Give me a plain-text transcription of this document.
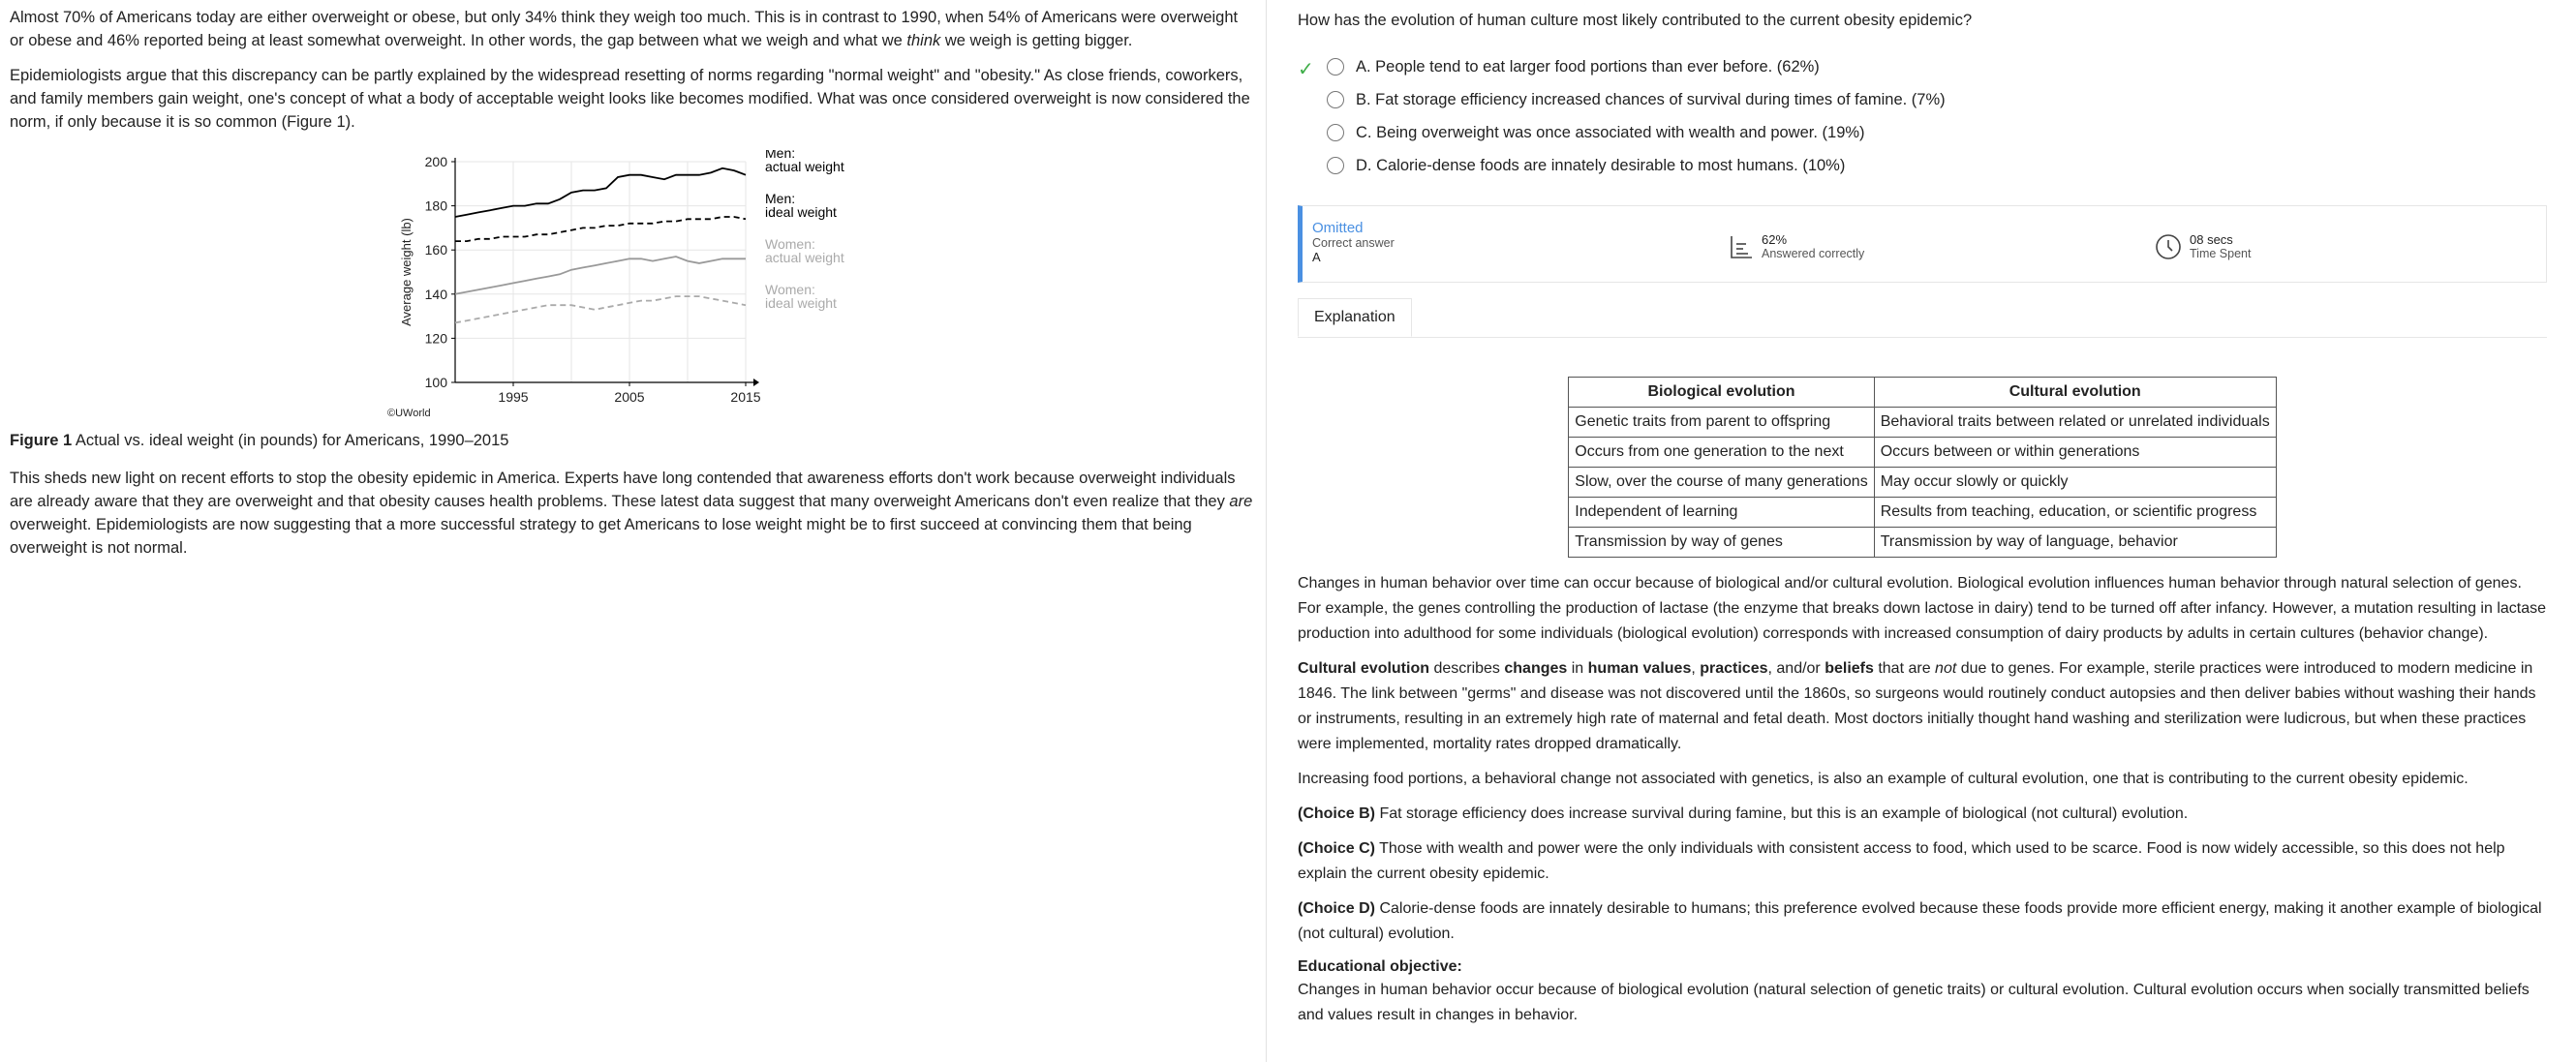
Almost 70% of Americans today are either overweight or obese, but only 34% think they weigh too much. This is in contrast to 1990, when 54% of Americans were overweight or obese and 46% reported being at least somewhat overweight. In other words, the gap between what we weigh and what we think we weigh is getting bigger.

Epidemiologists argue that this discrepancy can be partly explained by the widespread resetting of norms regarding "normal weight" and "obesity." As close friends, coworkers, and family members gain weight, one's concept of what a body of acceptable weight looks like becomes modified. What was once considered overweight is now considered the norm, if only because it is so common (Figure 1).

100
120
140
160
180
200
1995	2005	2015
Average weight (lb)
©UWorld
Men:
actual weight
Men:
ideal weight
Women:
actual weight
Women:
ideal weight
Figure 1 Actual vs. ideal weight (in pounds) for Americans, 1990–2015

This sheds new light on recent efforts to stop the obesity epidemic in America. Experts have long contended that awareness efforts don't work because overweight individuals are already aware that they are overweight and that obesity causes health problems. These latest data suggest that many overweight Americans don't even realize that they are overweight. Epidemiologists are now suggesting that a more successful strategy to get Americans to lose weight might be to first succeed at convincing them that being overweight is not normal.

How has the evolution of human culture most likely contributed to the current obesity epidemic?
✓	A. People tend to eat larger food portions than ever before. (62%)
B. Fat storage efficiency increased chances of survival during times of famine. (7%)
C. Being overweight was once associated with wealth and power. (19%)
D. Calorie-dense foods are innately desirable to most humans. (10%)
Omitted
Correct answer
A
62%
Answered correctly
08 secs
Time Spent
Explanation
Biological evolution	Cultural evolution
Genetic traits from parent to offspring	Behavioral traits between related or unrelated individuals
Occurs from one generation to the next	Occurs between or within generations
Slow, over the course of many generations	May occur slowly or quickly
Independent of learning	Results from teaching, education, or scientific progress
Transmission by way of genes	Transmission by way of language, behavior

Changes in human behavior over time can occur because of biological and/or cultural evolution. Biological evolution influences human behavior through natural selection of genes. For example, the genes controlling the production of lactase (the enzyme that breaks down lactose in dairy) tend to be turned off after infancy. However, a mutation resulting in lactase production into adulthood for some individuals (biological evolution) corresponds with increased consumption of dairy products by adults in certain cultures (behavior change).

Cultural evolution describes changes in human values, practices, and/or beliefs that are not due to genes. For example, sterile practices were introduced to modern medicine in 1846. The link between "germs" and disease was not discovered until the 1860s, so surgeons would routinely conduct autopsies and then deliver babies without washing their hands or instruments, resulting in an extremely high rate of maternal and fetal death. Most doctors initially thought hand washing and sterilization were ludicrous, but when these practices were implemented, mortality rates dropped dramatically.

Increasing food portions, a behavioral change not associated with genetics, is also an example of cultural evolution, one that is contributing to the current obesity epidemic.

(Choice B) Fat storage efficiency does increase survival during famine, but this is an example of biological (not cultural) evolution.

(Choice C) Those with wealth and power were the only individuals with consistent access to food, which used to be scarce. Food is now widely accessible, so this does not help explain the current obesity epidemic.

(Choice D) Calorie-dense foods are innately desirable to humans; this preference evolved because these foods provide more efficient energy, making it another example of biological (not cultural) evolution.

Educational objective:

Changes in human behavior occur because of biological evolution (natural selection of genetic traits) or cultural evolution. Cultural evolution occurs when socially transmitted beliefs and values result in changes in behavior.
